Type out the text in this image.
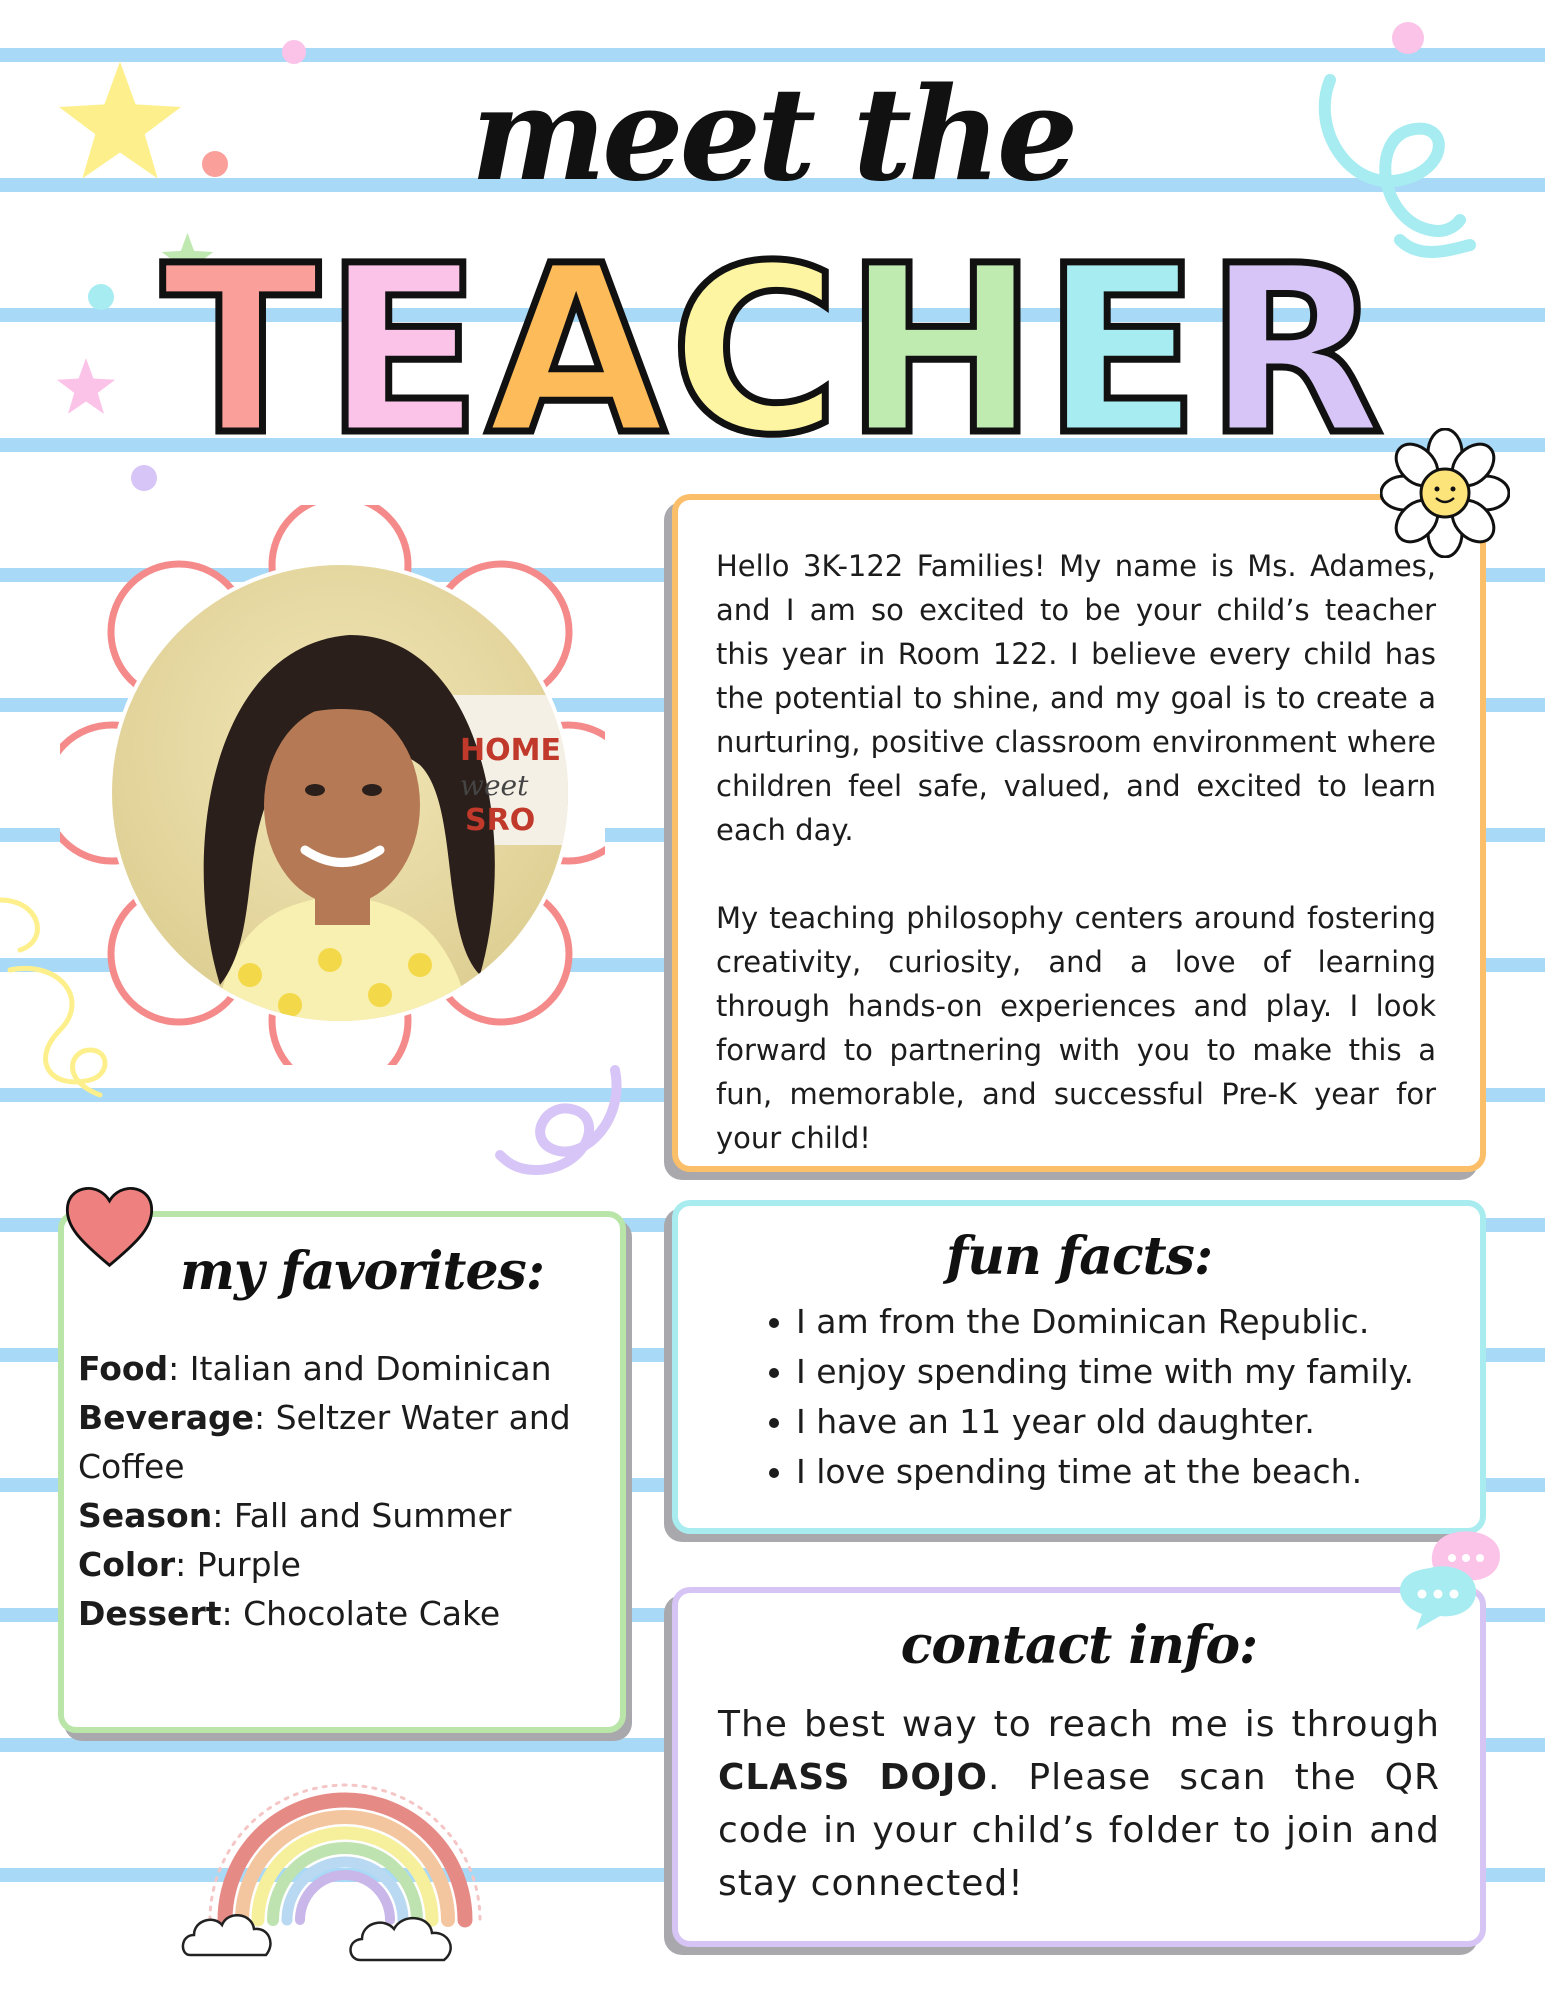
meet the
TEACHER
HOME
weet
SRO

Hello 3K-122 Families! My name is Ms. Adames, and I am so excited to be your child’s teacher this year in Room 122. I believe every child has the potential to shine, and my goal is to create a nurturing, positive classroom environment where children feel safe, valued, and excited to learn each day.

My teaching philosophy centers around fostering creativity, curiosity, and a love of learning through hands-on experiences and play. I look forward to partnering with you to make this a fun, memorable, and successful Pre-K year for your child!

my favorites:
Food: Italian and Dominican
Beverage: Seltzer Water and Coffee
Season: Fall and Summer
Color: Purple
Dessert: Chocolate Cake
fun facts:
• I am from the Dominican Republic.
• I enjoy spending time with my family.
• I have an 11 year old daughter.
• I love spending time at the beach.
contact info:

The best way to reach me is through CLASS DOJO. Please scan the QR code in your child’s folder to join and stay connected!
